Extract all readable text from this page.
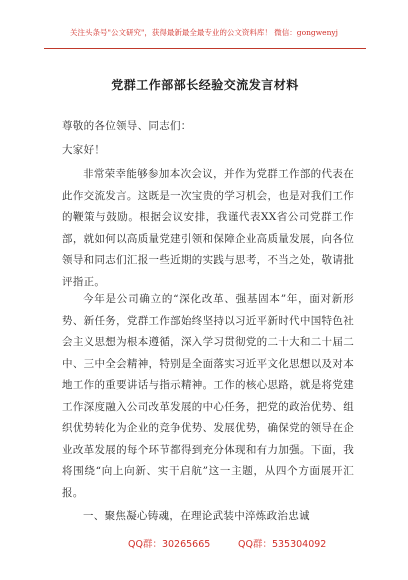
关注头条号"公文研究"，获得最新最全最专业的公文资料库！ 微信：gongwenyj
党群工作部部长经验交流发言材料
尊敬的各位领导、同志们：
大家好！
非常荣幸能够参加本次会议，并作为党群工作部的代表在此作交流发言。这既是一次宝贵的学习机会，也是对我们工作的鞭策与鼓励。根据会议安排，我谨代表XX省公司党群工作部，就如何以高质量党建引领和保障企业高质量发展，向各位领导和同志们汇报一些近期的实践与思考，不当之处，敬请批评指正。
今年是公司确立的“深化改革、强基固本”年，面对新形势、新任务，党群工作部始终坚持以习近平新时代中国特色社会主义思想为根本遵循，深入学习贯彻党的二十大和二十届二中、三中全会精神，特别是全面落实习近平文化思想以及对本地工作的重要讲话与指示精神。工作的核心思路，就是将党建工作深度融入公司改革发展的中心任务，把党的政治优势、组织优势转化为企业的竞争优势、发展优势，确保党的领导在企业改革发展的每个环节都得到充分体现和有力加强。下面，我将围绕“向上向新、实干启航”这一主题，从四个方面展开汇报。
一、聚焦凝心铸魂，在理论武装中淬炼政治忠诚
QQ群：30265665	QQ群：535304092
